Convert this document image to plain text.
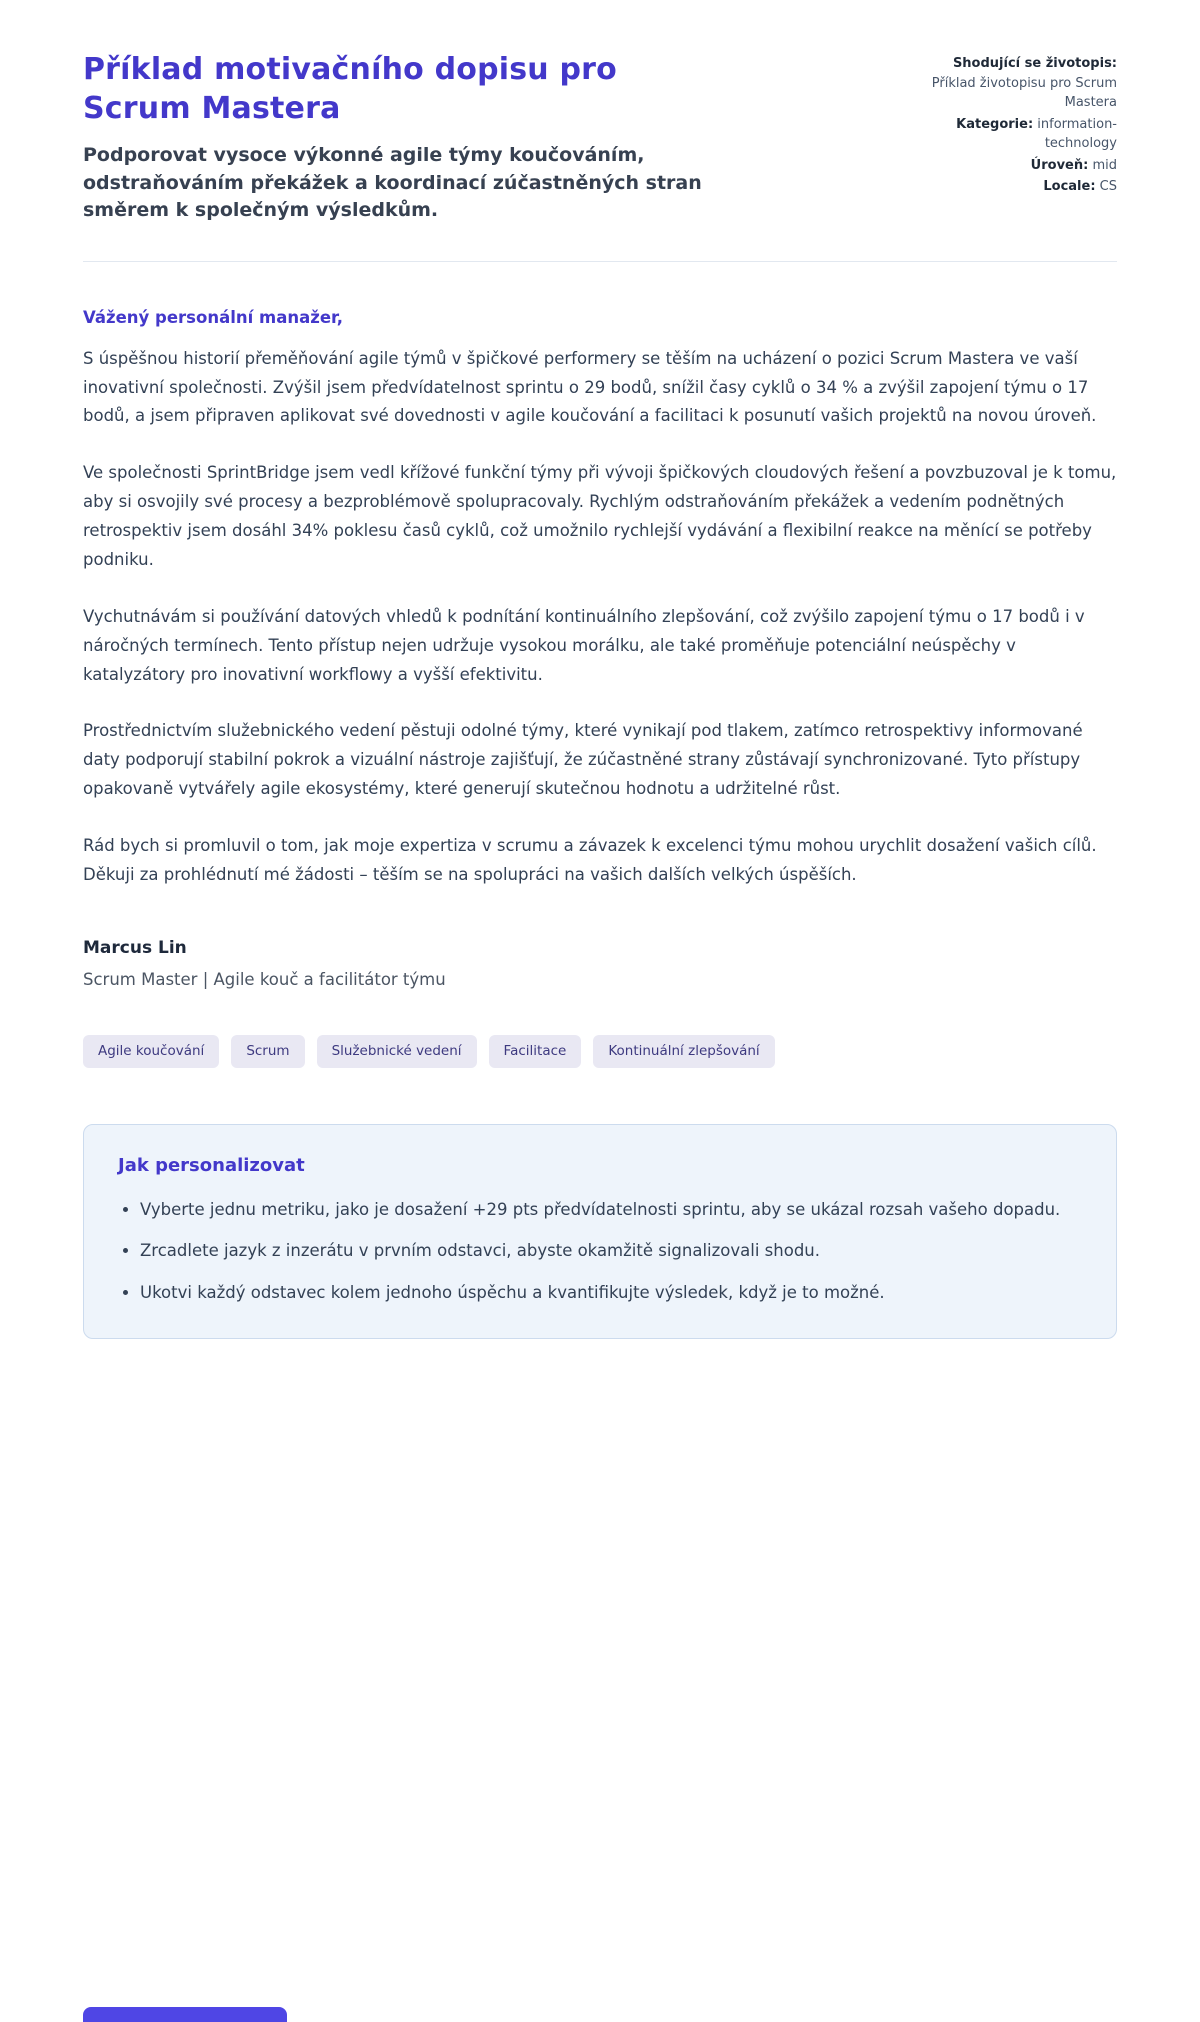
Příklad motivačního dopisu pro Scrum Mastera

Podporovat vysoce výkonné agile týmy koučováním, odstraňováním překážek a koordinací zúčastněných stran směrem k společným výsledkům.

Shodující se životopis: Příklad životopisu pro Scrum Mastera
Kategorie: information-technology
Úroveň: mid
Locale: CS
Vážený personální manažer,

S úspěšnou historií přeměňování agile týmů v špičkové performery se těším na ucházení o pozici Scrum Mastera ve vaší inovativní společnosti. Zvýšil jsem předvídatelnost sprintu o 29 bodů, snížil časy cyklů o 34 % a zvýšil zapojení týmu o 17 bodů, a jsem připraven aplikovat své dovednosti v agile koučování a facilitaci k posunutí vašich projektů na novou úroveň.

Ve společnosti SprintBridge jsem vedl křížové funkční týmy při vývoji špičkových cloudových řešení a povzbuzoval je k tomu, aby si osvojily své procesy a bezproblémově spolupracovaly. Rychlým odstraňováním překážek a vedením podnětných retrospektiv jsem dosáhl 34% poklesu časů cyklů, což umožnilo rychlejší vydávání a flexibilní reakce na měnící se potřeby podniku.

Vychutnávám si používání datových vhledů k podnítání kontinuálního zlepšování, což zvýšilo zapojení týmu o 17 bodů i v náročných termínech. Tento přístup nejen udržuje vysokou morálku, ale také proměňuje potenciální neúspěchy v katalyzátory pro inovativní workflowy a vyšší efektivitu.

Prostřednictvím služebnického vedení pěstuji odolné týmy, které vynikají pod tlakem, zatímco retrospektivy informované daty podporují stabilní pokrok a vizuální nástroje zajišťují, že zúčastněné strany zůstávají synchronizované. Tyto přístupy opakovaně vytvářely agile ekosystémy, které generují skutečnou hodnotu a udržitelné růst.

Rád bych si promluvil o tom, jak moje expertiza v scrumu a závazek k excelenci týmu mohou urychlit dosažení vašich cílů. Děkuji za prohlédnutí mé žádosti – těším se na spolupráci na vašich dalších velkých úspěších.

Marcus Lin
Scrum Master | Agile kouč a facilitátor týmu
Agile koučování	Scrum	Služebnické vedení	Facilitace	Kontinuální zlepšování
Jak personalizovat
• Vyberte jednu metriku, jako je dosažení +29 pts předvídatelnosti sprintu, aby se ukázal rozsah vašeho dopadu.
• Zrcadlete jazyk z inzerátu v prvním odstavci, abyste okamžitě signalizovali shodu.
• Ukotvi každý odstavec kolem jednoho úspěchu a kvantifikujte výsledek, když je to možné.
